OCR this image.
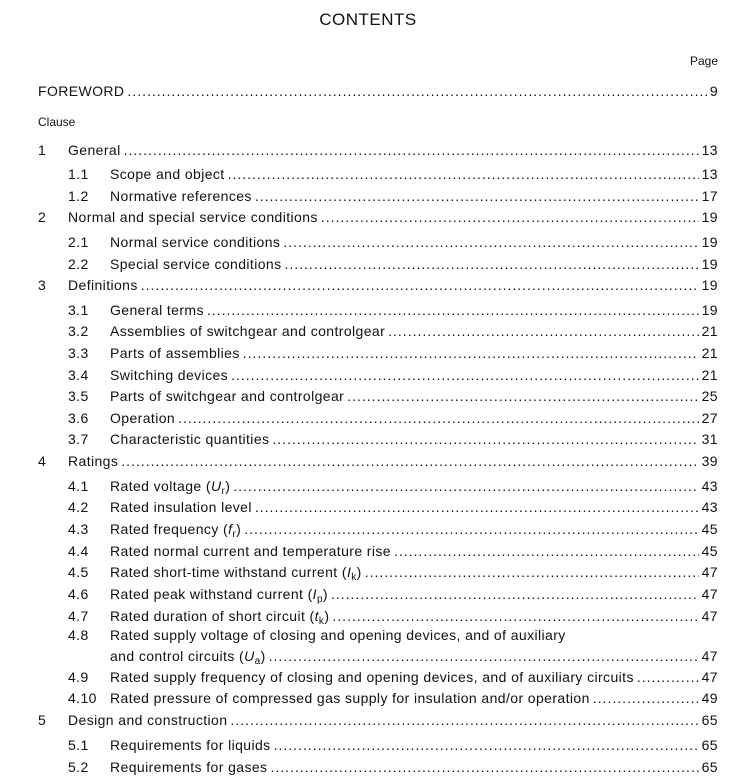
CONTENTS
Page
Clause
FOREWORD .....	9
1 General .....	13
1.1 Scope and object .....	13
1.2 Normative references .....	17
2 Normal and special service conditions .....	19
2.1 Normal service conditions .....	19
2.2 Special service conditions .....	19
3 Definitions .....	19
3.1 General terms .....	19
3.2 Assemblies of switchgear and controlgear .....	21
3.3 Parts of assemblies .....	21
3.4 Switching devices .....	21
3.5 Parts of switchgear and controlgear .....	25
3.6 Operation .....	27
3.7 Characteristic quantities .....	31
4 Ratings .....	39
4.1 Rated voltage $(U_r)$ .....	43
4.2 Rated insulation level .....	43
4.3 Rated frequency $(f_r)$ .....	45
4.4 Rated normal current and temperature rise .....	45
4.5 Rated short-time withstand current $(I_k)$ .....	47
4.6 Rated peak withstand current $(I_p)$ .....	47
4.7 Rated duration of short circuit $(t_k)$ .....	47
4.8 Rated supply voltage of closing and opening devices, and of auxiliary
and control circuits $(U_a)$ .....	47
4.9 Rated supply frequency of closing and opening devices, and of auxiliary circuits .....	47
4.10 Rated pressure of compressed gas supply for insulation and/or operation .....	49
5 Design and construction .....	65
5.1 Requirements for liquids .....	65
5.2 Requirements for gases .....	65
